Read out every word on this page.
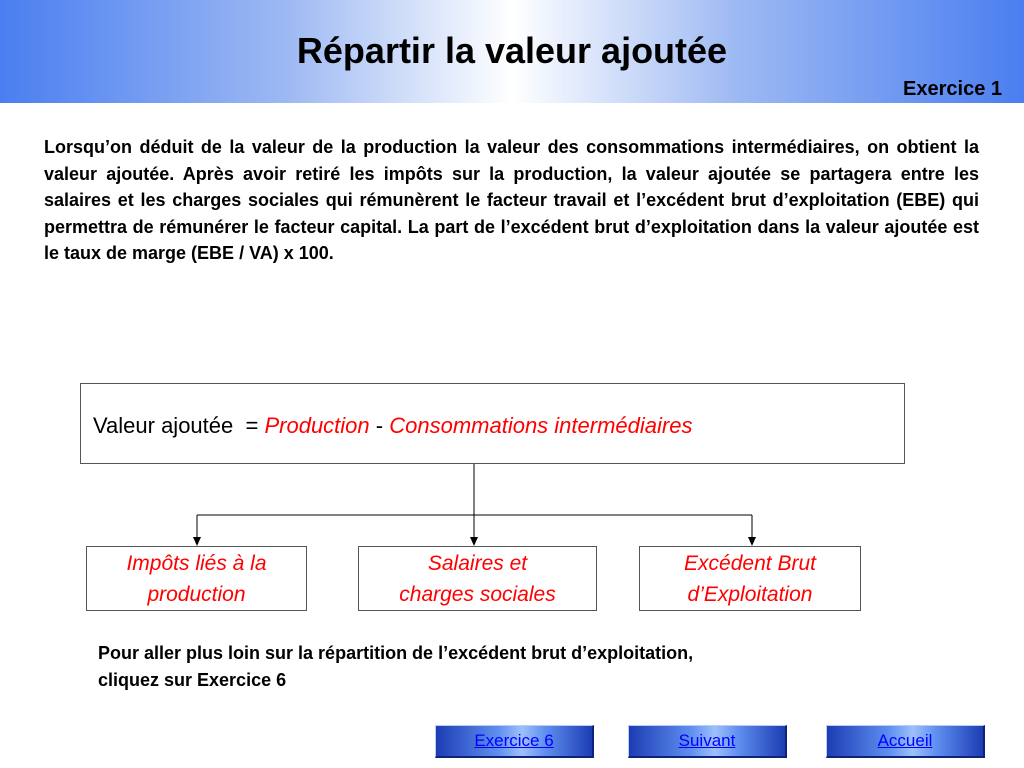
Répartir la valeur ajoutée
Exercice 1

Lorsqu’on déduit de la valeur de la production la valeur des consommations intermédiaires, on obtient la valeur ajoutée. Après avoir retiré les impôts sur la production, la valeur ajoutée se partagera entre les salaires et les charges sociales qui rémunèrent le facteur travail et l’excédent brut d’exploitation (EBE) qui permettra de rémunérer le facteur capital. La part de l’excédent brut d’exploitation dans la valeur ajoutée est le taux de marge (EBE / VA) x 100.

Valeur ajoutée = Production - Consommations intermédiaires
Impôts liés à la
production
Salaires et
charges sociales
Excédent Brut
d’Exploitation

Pour aller plus loin sur la répartition de l’excédent brut d’exploitation,
cliquez sur Exercice 6

Exercice 6	Suivant	Accueil
